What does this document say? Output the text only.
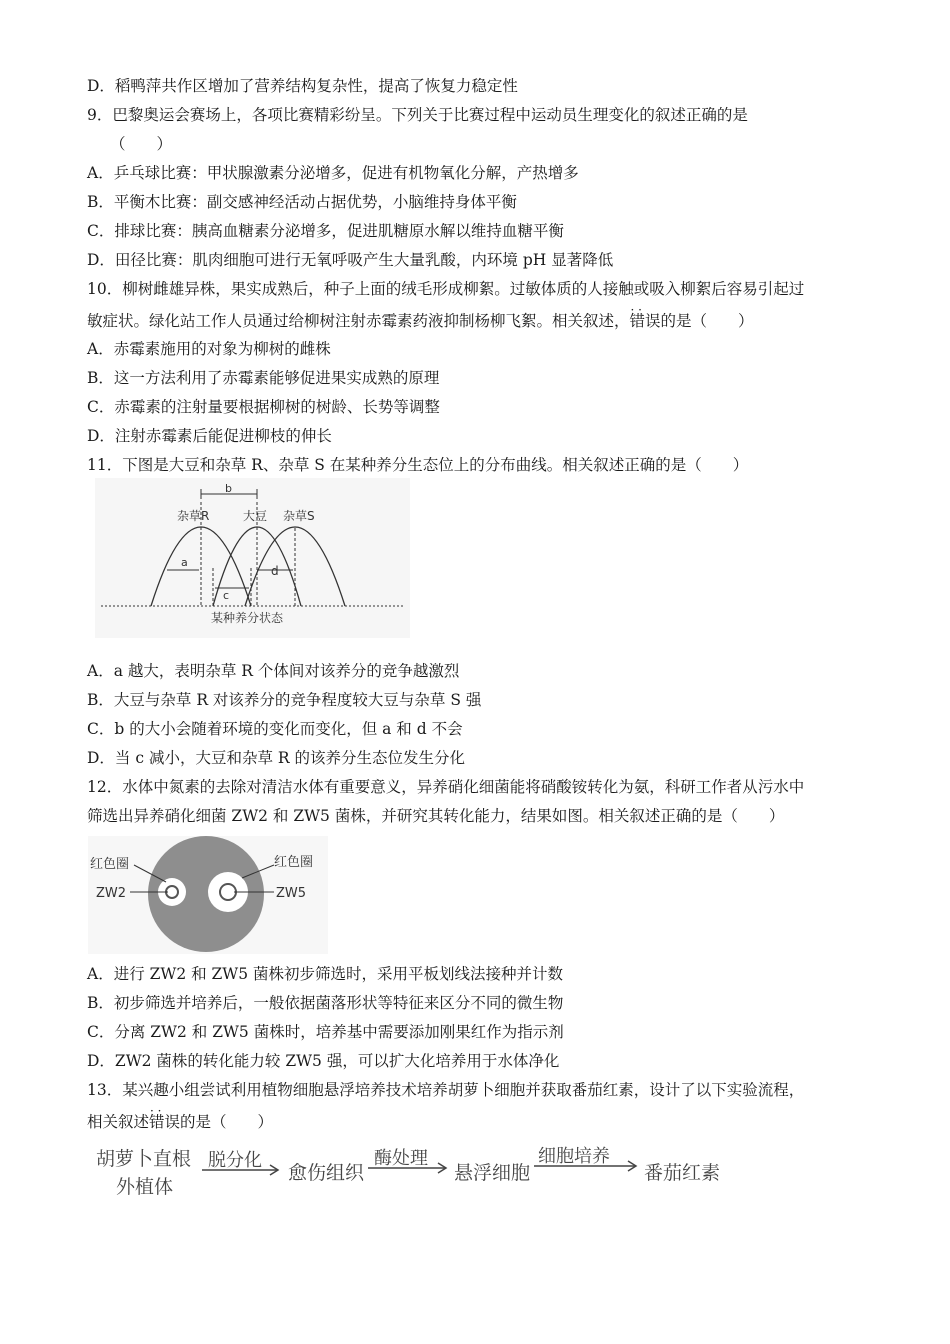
D．稻鸭萍共作区增加了营养结构复杂性，提高了恢复力稳定性
9．巴黎奥运会赛场上，各项比赛精彩纷呈。下列关于比赛过程中运动员生理变化的叙述正确的是
（　　）
A．乒乓球比赛：甲状腺激素分泌增多，促进有机物氧化分解，产热增多
B．平衡木比赛：副交感神经活动占据优势，小脑维持身体平衡
C．排球比赛：胰高血糖素分泌增多，促进肌糖原水解以维持血糖平衡
D．田径比赛：肌肉细胞可进行无氧呼吸产生大量乳酸，内环境 pH 显著降低
10．柳树雌雄异株，果实成熟后，种子上面的绒毛形成柳絮。过敏体质的人接触或吸入柳絮后容易引起过
敏症状。绿化站工作人员通过给柳树注射赤霉素药液抑制杨柳飞絮。相关叙述，错误 · ·的是（　　）
A．赤霉素施用的对象为柳树的雌株
B．这一方法利用了赤霉素能够促进果实成熟的原理
C．赤霉素的注射量要根据柳树的树龄、长势等调整
D．注射赤霉素后能促进柳枝的伸长
11．下图是大豆和杂草 R、杂草 S 在某种养分生态位上的分布曲线。相关叙述正确的是（　　）
b
杂草R	大豆 杂草S
a
c
d
某种养分状态
A．a 越大，表明杂草 R 个体间对该养分的竞争越激烈
B．大豆与杂草 R 对该养分的竞争程度较大豆与杂草 S 强
C．b 的大小会随着环境的变化而变化，但 a 和 d 不会
D．当 c 减小，大豆和杂草 R 的该养分生态位发生分化
12．水体中氮素的去除对清洁水体有重要意义，异养硝化细菌能将硝酸铵转化为氨，科研工作者从污水中
筛选出异养硝化细菌 ZW2 和 ZW5 菌株，并研究其转化能力，结果如图。相关叙述正确的是（　　）
红色圈
ZW2
红色圈
ZW5
A．进行 ZW2 和 ZW5 菌株初步筛选时，采用平板划线法接种并计数
B．初步筛选并培养后，一般依据菌落形状等特征来区分不同的微生物
C．分离 ZW2 和 ZW5 菌株时，培养基中需要添加刚果红作为指示剂
D．ZW2 菌株的转化能力较 ZW5 强，可以扩大化培养用于水体净化
13．某兴趣小组尝试利用植物细胞悬浮培养技术培养胡萝卜细胞并获取番茄红素，设计了以下实验流程，
相关叙述错误 · ·的是（　　）
胡萝卜直根
外植体
脱分化
愈伤组织
酶处理
悬浮细胞
细胞培养
番茄红素
